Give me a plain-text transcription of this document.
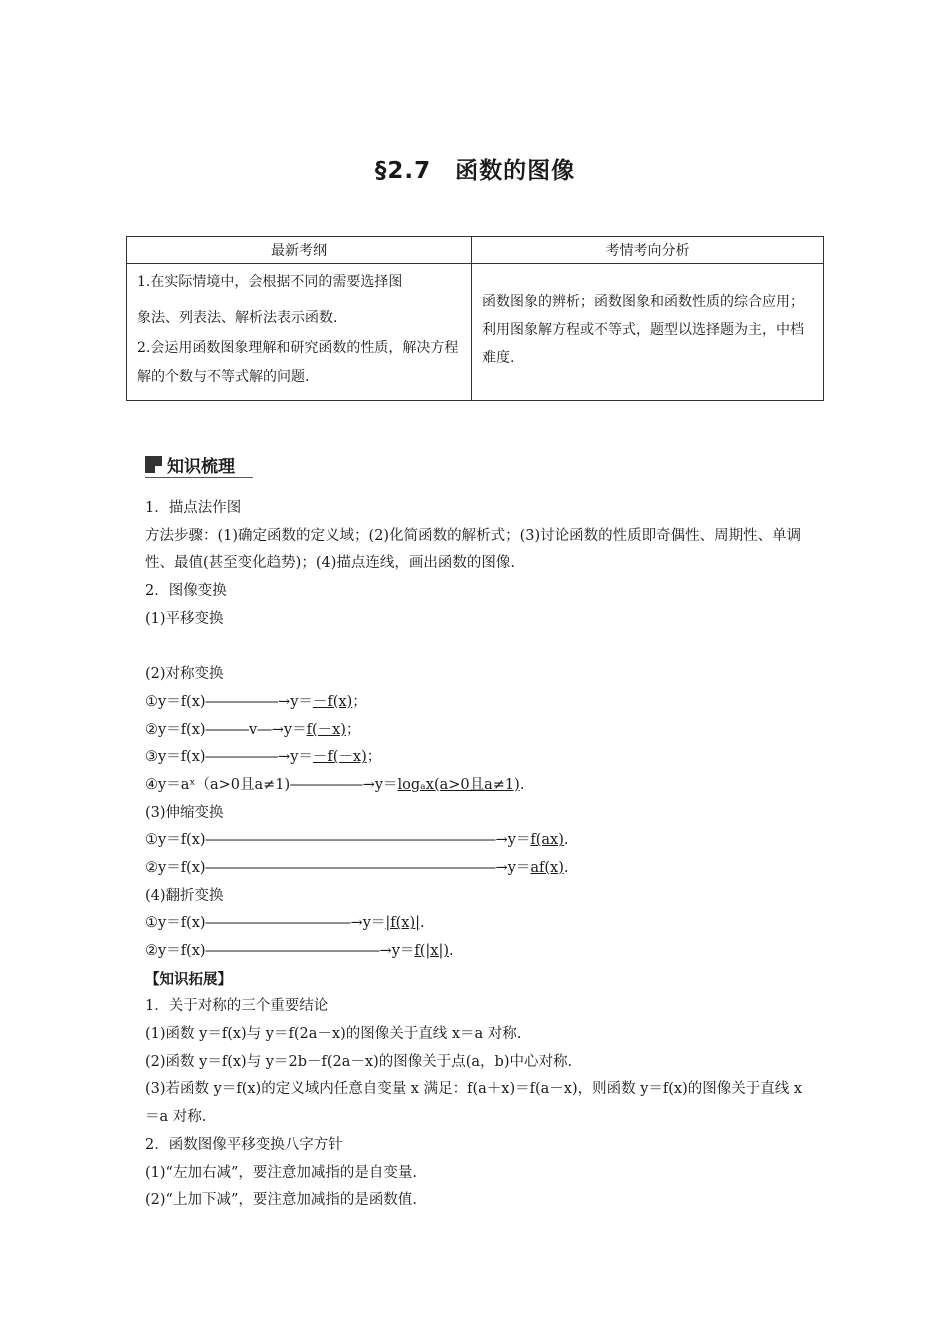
§2.7　函数的图像
最新考纲	考情考向分析

1.在实际情境中，会根据不同的需要选择图
象法、列表法、解析法表示函数.
2.会运用函数图象理解和研究函数的性质，解决方程解的个数与不等式解的问题.	函数图象的辨析；函数图象和函数性质的综合应用；利用图象解方程或不等式，题型以选择题为主，中档难度.
知识梳理
1．描点法作图
方法步骤：(1)确定函数的定义域；(2)化简函数的解析式；(3)讨论函数的性质即奇偶性、周期性、单调性、最值(甚至变化趋势)；(4)描点连线，画出函数的图像.
2．图像变换
(1)平移变换
(2)对称变换
①y＝f(x)―――――→y＝－f(x)；
②y＝f(x)―――v―→y＝f(－x)；
③y＝f(x)―――――→y＝－f(－x)；
④y＝aˣ（a>0且a≠1)―――――→y＝logₐx(a>0且a≠1).
(3)伸缩变换
①y＝f(x)――――――――――――――――――――→y＝f(ax).
②y＝f(x)――――――――――――――――――――→y＝af(x).
(4)翻折变换
①y＝f(x)――――――――――→y＝|f(x)|.
②y＝f(x)――――――――――――→y＝f(|x|).
【知识拓展】
1．关于对称的三个重要结论
(1)函数 y＝f(x)与 y＝f(2a－x)的图像关于直线 x＝a 对称.
(2)函数 y＝f(x)与 y＝2b－f(2a－x)的图像关于点(a，b)中心对称.
(3)若函数 y＝f(x)的定义域内任意自变量 x 满足：f(a＋x)＝f(a－x)，则函数 y＝f(x)的图像关于直线 x＝a 对称.
2．函数图像平移变换八字方针
(1)“左加右减”，要注意加减指的是自变量.
(2)“上加下减”，要注意加减指的是函数值.
